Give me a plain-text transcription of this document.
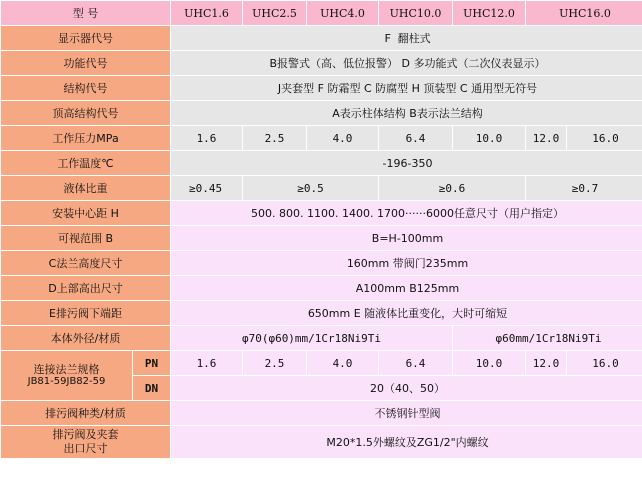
型 号		UHC1.6	UHC2.5	UHC4.0	UHC10.0	UHC12.0	UHC16.0	
显示器代号		F 翻柱式						
功能代号		B报警式（高、低位报警） D 多功能式（二次仪表显示）						
结构代号		J夹套型 F 防霜型 C 防腐型 H 顶装型 C 通用型无符号						
顶高结构代号		A表示柱体结构 B表示法兰结构						
工作压力MPa		1.6	2.5	4.0	6.4	10.0	12.0	16.0
工作温度℃		-196-350						
液体比重		≥0.45	≥0.5		≥0.6		≥0.7	
安装中心距 H		500. 800. 1100. 1400. 1700······6000任意尺寸（用户指定）						
可视范围 B		B=H-100mm						
C法兰高度尺寸		160mm 带阀门235mm						
D上部高出尺寸		A100mm B125mm						
E排污阀下端距		650mm E 随液体比重变化，大时可缩短						
本体外径/材质		φ70(φ60)mm/1Cr18Ni9Ti				φ60mm/1Cr18Ni9Ti		

连接法兰规格
JB81-59JB82-59	PN	1.6	2.5	4.0	6.4	10.0	12.0	16.0
	DN	20（40、50）						
排污阀种类/材质		不锈钢针型阀						

排污阀及夹套
出口尺寸		M20*1.5外螺纹及ZG1/2"内螺纹						
